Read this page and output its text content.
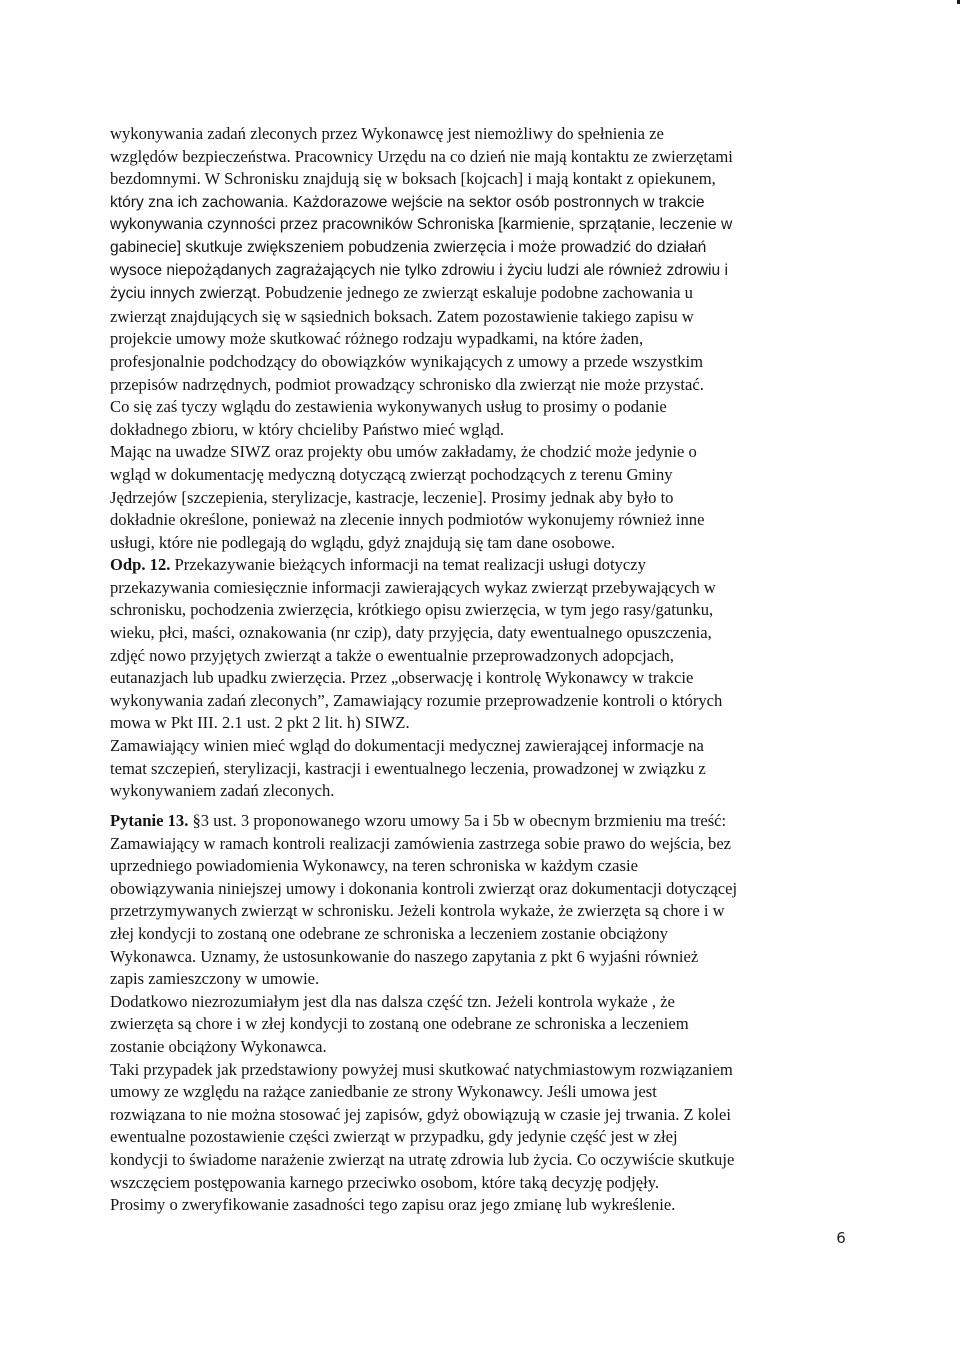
wykonywania zadań zleconych przez Wykonawcę jest niemożliwy do spełnienia ze

względów bezpieczeństwa. Pracownicy Urzędu na co dzień nie mają kontaktu ze zwierzętami

bezdomnymi. W Schronisku znajdują się w boksach [kojcach] i mają kontakt z opiekunem,

który zna ich zachowania. Każdorazowe wejście na sektor osób postronnych w trakcie

wykonywania czynności przez pracowników Schroniska [karmienie, sprzątanie, leczenie w

gabinecie] skutkuje zwiększeniem pobudzenia zwierzęcia i może prowadzić do działań

wysoce niepożądanych zagrażających nie tylko zdrowiu i życiu ludzi ale również zdrowiu i

życiu innych zwierząt. Pobudzenie jednego ze zwierząt eskaluje podobne zachowania u

zwierząt znajdujących się w sąsiednich boksach. Zatem pozostawienie takiego zapisu w

projekcie umowy może skutkować różnego rodzaju wypadkami, na które żaden,

profesjonalnie podchodzący do obowiązków wynikających z umowy a przede wszystkim

przepisów nadrzędnych, podmiot prowadzący schronisko dla zwierząt nie może przystać.

Co się zaś tyczy wglądu do zestawienia wykonywanych usług to prosimy o podanie

dokładnego zbioru, w który chcieliby Państwo mieć wgląd.

Mając na uwadze SIWZ oraz projekty obu umów zakładamy, że chodzić może jedynie o

wgląd w dokumentację medyczną dotyczącą zwierząt pochodzących z terenu Gminy

Jędrzejów [szczepienia, sterylizacje, kastracje, leczenie]. Prosimy jednak aby było to

dokładnie określone, ponieważ na zlecenie innych podmiotów wykonujemy również inne

usługi, które nie podlegają do wglądu, gdyż znajdują się tam dane osobowe.

Odp. 12. Przekazywanie bieżących informacji na temat realizacji usługi dotyczy

przekazywania comiesięcznie informacji zawierających wykaz zwierząt przebywających w

schronisku, pochodzenia zwierzęcia, krótkiego opisu zwierzęcia, w tym jego rasy/gatunku,

wieku, płci, maści, oznakowania (nr czip), daty przyjęcia, daty ewentualnego opuszczenia,

zdjęć nowo przyjętych zwierząt a także o ewentualnie przeprowadzonych adopcjach,

eutanazjach lub upadku zwierzęcia. Przez „obserwację i kontrolę Wykonawcy w trakcie

wykonywania zadań zleconych”, Zamawiający rozumie przeprowadzenie kontroli o których

mowa w Pkt III. 2.1 ust. 2 pkt 2 lit. h) SIWZ.

Zamawiający winien mieć wgląd do dokumentacji medycznej zawierającej informacje na

temat szczepień, sterylizacji, kastracji i ewentualnego leczenia, prowadzonej w związku z

wykonywaniem zadań zleconych.

Pytanie 13. §3 ust. 3 proponowanego wzoru umowy 5a i 5b w obecnym brzmieniu ma treść:

Zamawiający w ramach kontroli realizacji zamówienia zastrzega sobie prawo do wejścia, bez

uprzedniego powiadomienia Wykonawcy, na teren schroniska w każdym czasie

obowiązywania niniejszej umowy i dokonania kontroli zwierząt oraz dokumentacji dotyczącej

przetrzymywanych zwierząt w schronisku. Jeżeli kontrola wykaże, że zwierzęta są chore i w

złej kondycji to zostaną one odebrane ze schroniska a leczeniem zostanie obciążony

Wykonawca. Uznamy, że ustosunkowanie do naszego zapytania z pkt 6 wyjaśni również

zapis zamieszczony w umowie.

Dodatkowo niezrozumiałym jest dla nas dalsza część tzn. Jeżeli kontrola wykaże , że

zwierzęta są chore i w złej kondycji to zostaną one odebrane ze schroniska a leczeniem

zostanie obciążony Wykonawca.

Taki przypadek jak przedstawiony powyżej musi skutkować natychmiastowym rozwiązaniem

umowy ze względu na rażące zaniedbanie ze strony Wykonawcy. Jeśli umowa jest

rozwiązana to nie można stosować jej zapisów, gdyż obowiązują w czasie jej trwania. Z kolei

ewentualne pozostawienie części zwierząt w przypadku, gdy jedynie część jest w złej

kondycji to świadome narażenie zwierząt na utratę zdrowia lub życia. Co oczywiście skutkuje

wszczęciem postępowania karnego przeciwko osobom, które taką decyzję podjęły.

Prosimy o zweryfikowanie zasadności tego zapisu oraz jego zmianę lub wykreślenie.

6
